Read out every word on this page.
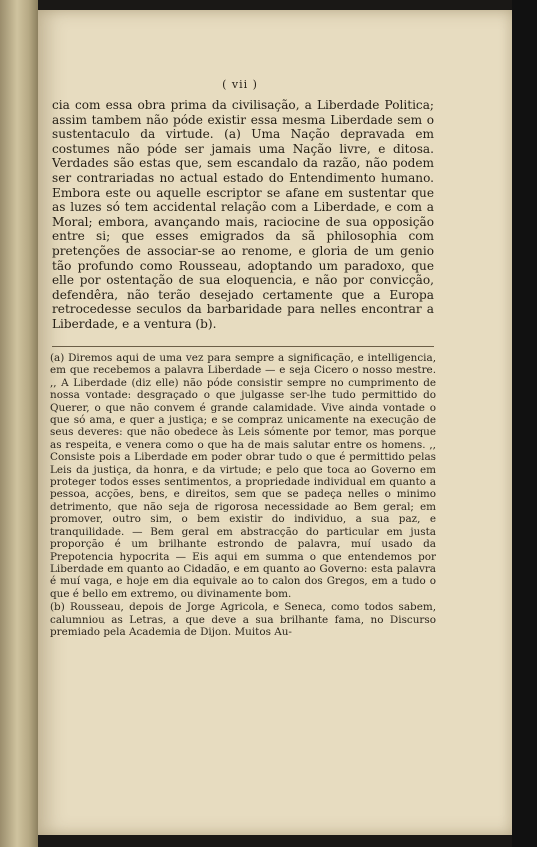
( vii )

cia com essa obra prima da civilisação, a Liberdade Politica; assim tambem não póde existir essa mesma Liberdade sem o sustentaculo da virtude. (a) Uma Nação depravada em costumes não póde ser jamais uma Nação livre, e ditosa. Verdades são estas que, sem escandalo da razão, não podem ser contrariadas no actual estado do Entendimento humano. Embora este ou aquelle escriptor se afane em sustentar que as luzes só tem accidental relação com a Liberdade, e com a Moral; embora, avançando mais, raciocine de sua opposição entre si; que esses emigrados da sã philosophia com pretenções de associar-se ao renome, e gloria de um genio tão profundo como Rousseau, adoptando um paradoxo, que elle por ostentação de sua eloquencia, e não por convicção, defendêra, não terão desejado certamente que a Europa retrocedesse seculos da barbaridade para nelles encontrar a Liberdade, e a ventura (b).

(a) Diremos aqui de uma vez para sempre a significação, e intelligencia, em que recebemos a palavra Liberdade — e seja Cicero o nosso mestre. ,, A Liberdade (diz elle) não póde consistir sempre no cumprimento de nossa vontade: desgraçado o que julgasse ser-lhe tudo permittido do Querer, o que não convem é grande calamidade. Vive ainda vontade o que só ama, e quer a justiça; e se compraz unicamente na execução de seus deveres: que não obedece às Leis sómente por temor, mas porque as respeita, e venera como o que ha de mais salutar entre os homens. ,, Consiste pois a Liberdade em poder obrar tudo o que é permittido pelas Leis da justiça, da honra, e da virtude; e pelo que toca ao Governo em proteger todos esses sentimentos, a propriedade individual em quanto a pessoa, acções, bens, e direitos, sem que se padeça nelles o minimo detrimento, que não seja de rigorosa necessidade ao Bem geral; em promover, outro sim, o bem existir do individuo, a sua paz, e tranquilidade. — Bem geral em abstracção do particular em justa proporção é um brilhante estrondo de palavra, muí usado da Prepotencia hypocrita — Eis aqui em summa o que entendemos por Liberdade em quanto ao Cidadão, e em quanto ao Governo: esta palavra é muí vaga, e hoje em dia equivale ao to calon dos Gregos, em a tudo o que é bello em extremo, ou divinamente bom.

(b) Rousseau, depois de Jorge Agricola, e Seneca, como todos sabem, calumniou as Letras, a que deve a sua brilhante fama, no Discurso premiado pela Academia de Dijon. Muitos Au-
